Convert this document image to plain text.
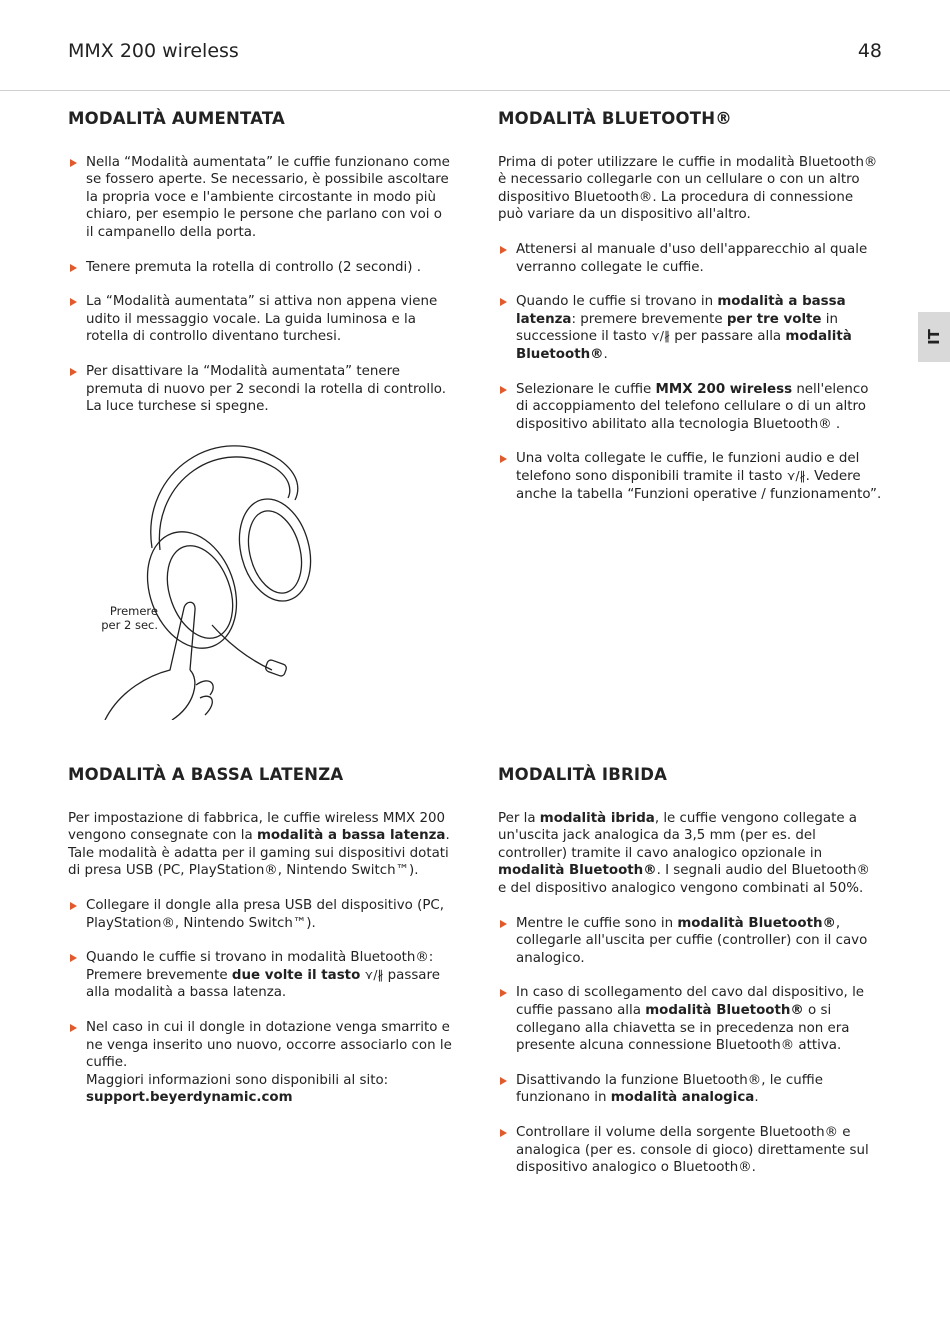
MMX 200 wireless	48
IT
MODALITÀ AUMENTATA
Nella “Modalità aumentata” le cuffie funzionano come se fossero aperte. Se necessario, è possibile ascoltare la propria voce e l'ambiente circostante in modo più chiaro, per esempio le persone che parlano con voi o il campanello della porta.
Tenere premuta la rotella di controllo (2 secondi) .
La “Modalità aumentata” si attiva non appena viene udito il messaggio vocale. La guida luminosa e la rotella di controllo diventano turchesi.
Per disattivare la “Modalità aumentata” tenere premuta di nuovo per 2 secondi la rotella di controllo. La luce turchese si spegne.
Premere
per 2 sec.
MODALITÀ BLUETOOTH®

Prima di poter utilizzare le cuffie in modalità Bluetooth® è necessario collegarle con un cellulare o con un altro dispositivo Bluetooth®. La procedura di connessione può variare da un dispositivo all'altro.

Attenersi al manuale d'uso dell'apparecchio al quale verranno collegate le cuffie.
Quando le cuffie si trovano in modalità a bassa latenza: premere brevemente per tre volte in successione il tasto ⋎/∦ per passare alla modalità Bluetooth®.
Selezionare le cuffie MMX 200 wireless nell'elenco di accoppiamento del telefono cellulare o di un altro dispositivo abilitato alla tecnologia Bluetooth® .
Una volta collegate le cuffie, le funzioni audio e del telefono sono disponibili tramite il tasto ⋎/∦. Vedere anche la tabella “Funzioni operative / funzionamento”.
MODALITÀ A BASSA LATENZA

Per impostazione di fabbrica, le cuffie wireless MMX 200 vengono consegnate con la modalità a bassa latenza. Tale modalità è adatta per il gaming sui dispositivi dotati di presa USB (PC, PlayStation®, Nintendo Switch™).

Collegare il dongle alla presa USB del dispositivo (PC, PlayStation®, Nintendo Switch™).
Quando le cuffie si trovano in modalità Bluetooth®: Premere brevemente due volte il tasto ⋎/∦ passare alla modalità a bassa latenza.
Nel caso in cui il dongle in dotazione venga smarrito e ne venga inserito uno nuovo, occorre associarlo con le cuffie.
Maggiori informazioni sono disponibili al sito:
support.beyerdynamic.com
MODALITÀ IBRIDA

Per la modalità ibrida, le cuffie vengono collegate a un'uscita jack analogica da 3,5 mm (per es. del controller) tramite il cavo analogico opzionale in modalità Bluetooth®. I segnali audio del Bluetooth® e del dispositivo analogico vengono combinati al 50%.

Mentre le cuffie sono in modalità Bluetooth®, collegarle all'uscita per cuffie (controller) con il cavo analogico.
In caso di scollegamento del cavo dal dispositivo, le cuffie passano alla modalità Bluetooth® o si collegano alla chiavetta se in precedenza non era presente alcuna connessione Bluetooth® attiva.
Disattivando la funzione Bluetooth®, le cuffie funzionano in modalità analogica.
Controllare il volume della sorgente Bluetooth® e analogica (per es. console di gioco) direttamente sul dispositivo analogico o Bluetooth®.
